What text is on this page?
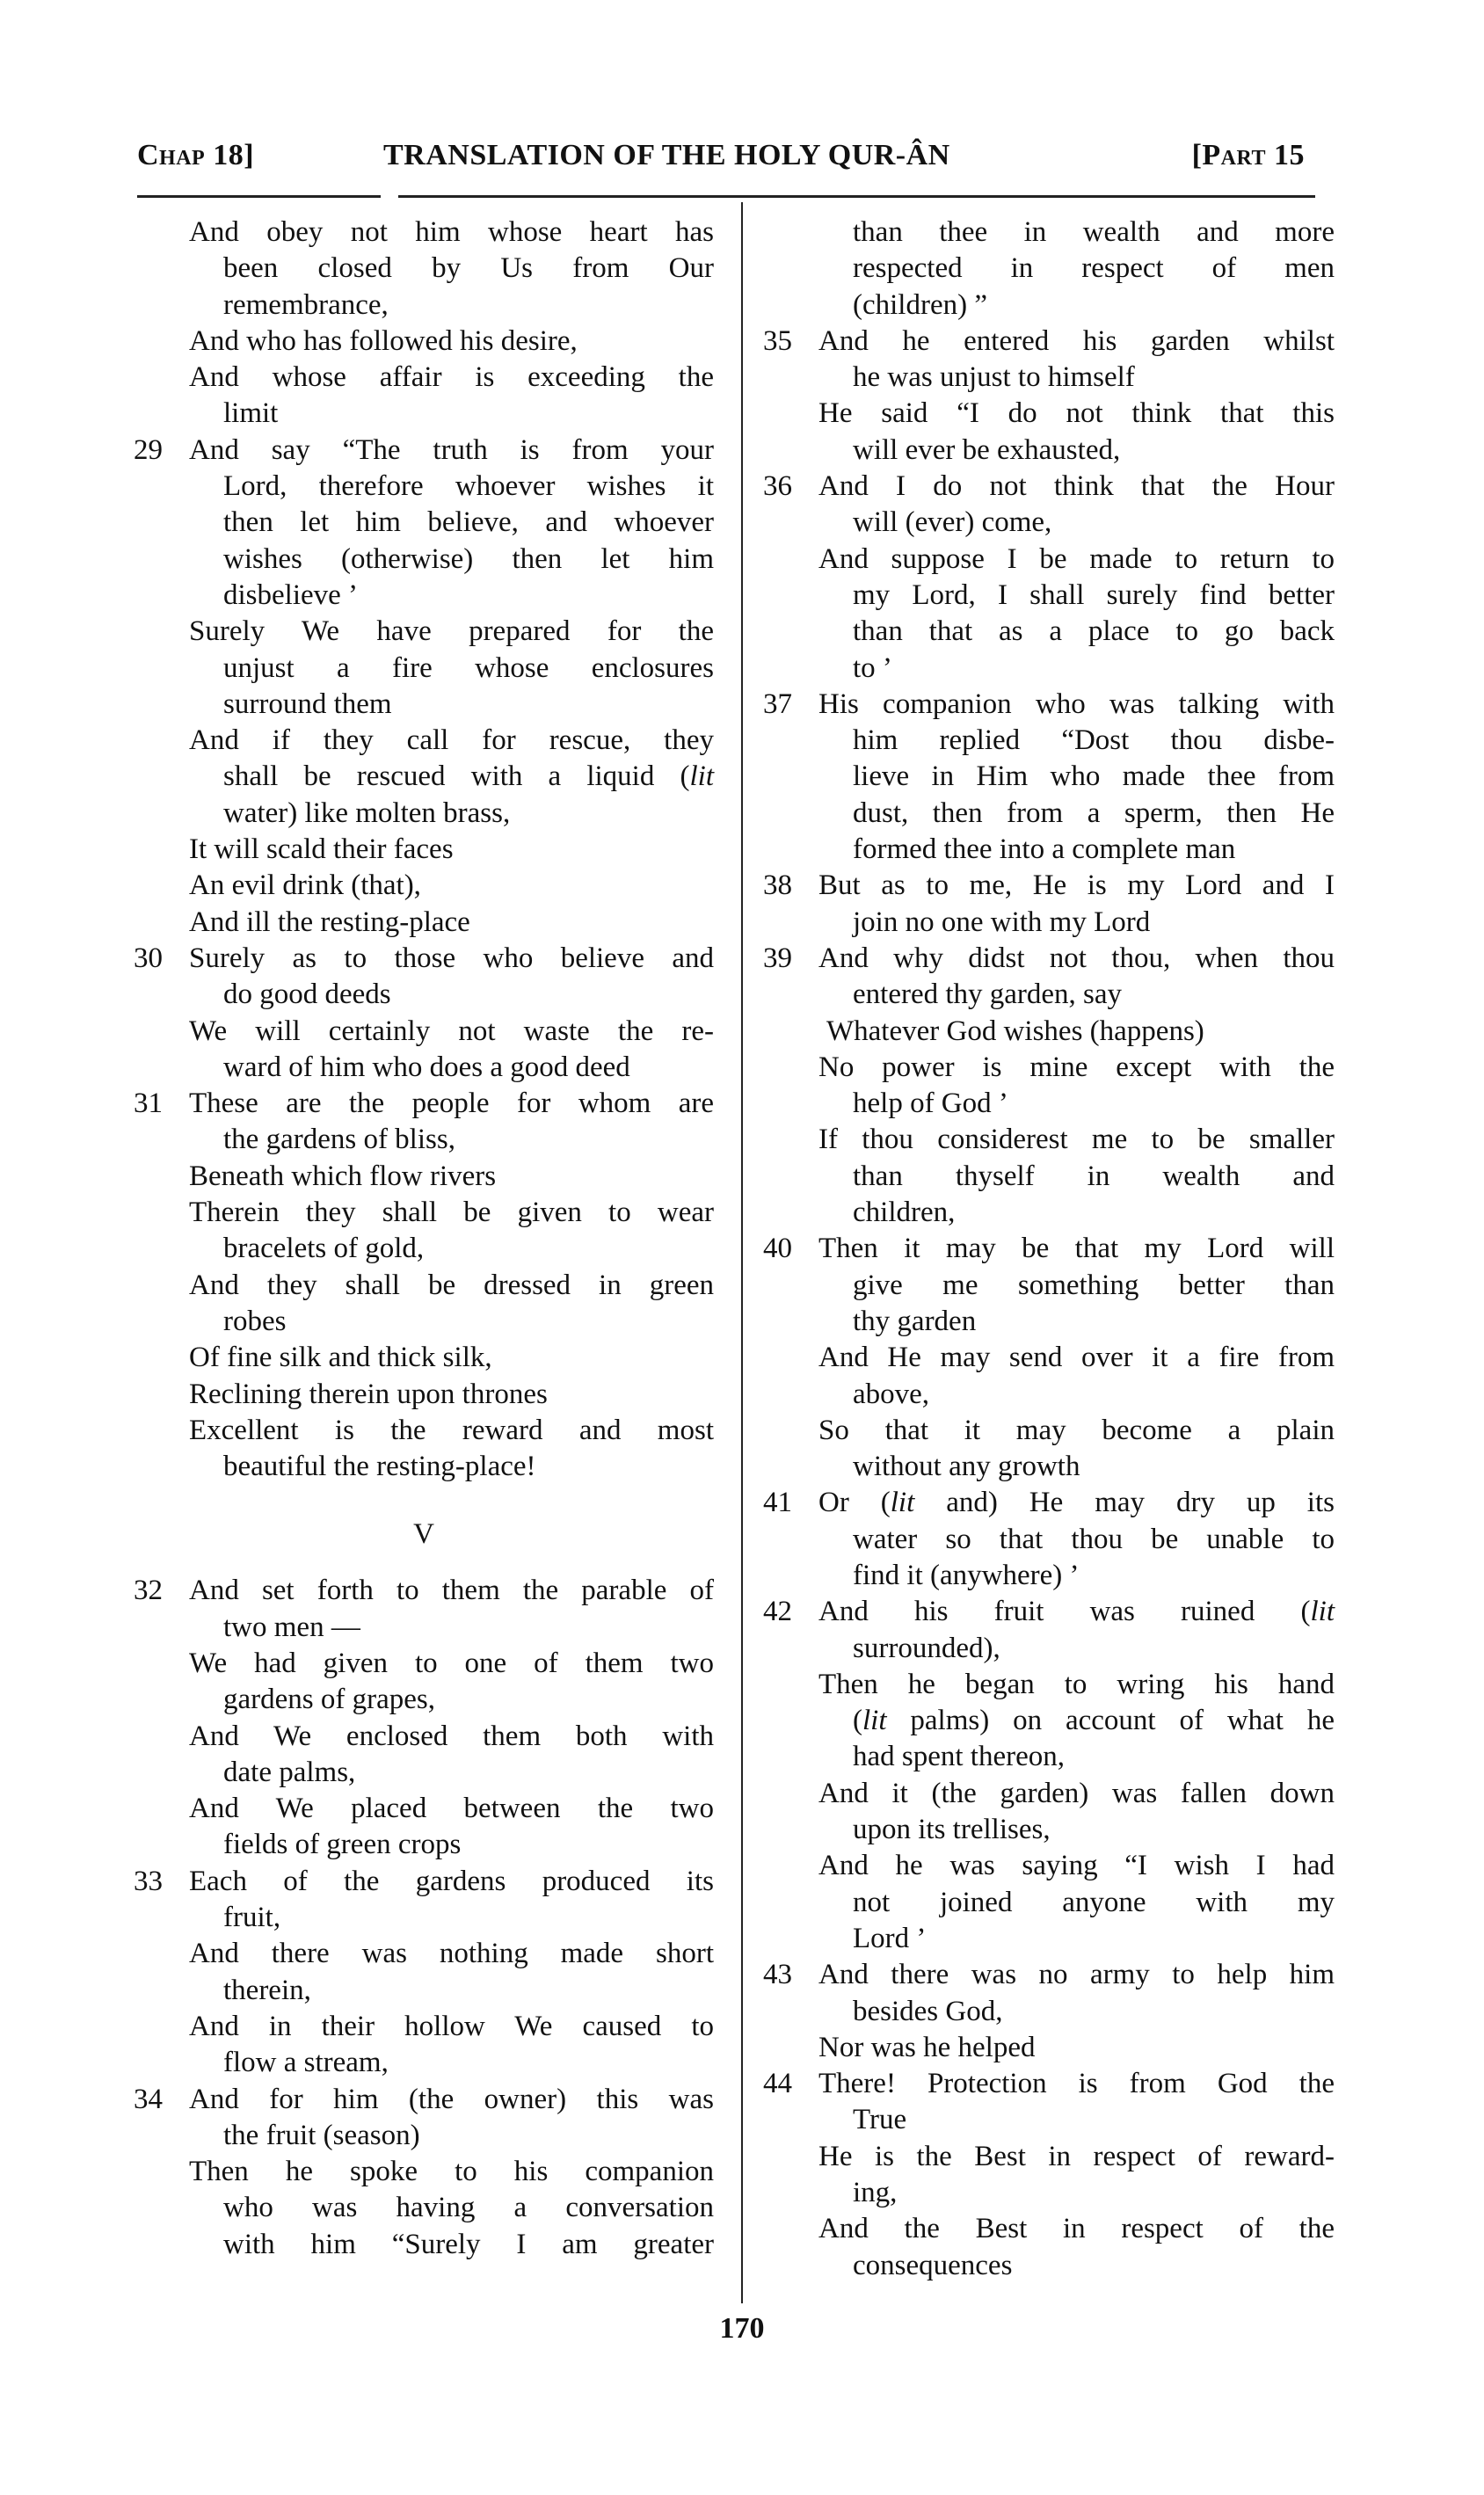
Chap 18]	TRANSLATION OF THE HOLY QUR-ÂN	[Part 15
And obey not him whose heart has
been closed by Us from Our
remembrance,
And who has followed his desire,
And whose affair is exceeding the
limit
29 And say “The truth is from your
Lord, therefore whoever wishes it
then let him believe, and whoever
wishes (otherwise) then let him
disbelieve ’
Surely We have prepared for the
unjust a fire whose enclosures
surround them
And if they call for rescue, they
shall be rescued with a liquid (lit
water) like molten brass,
It will scald their faces
An evil drink (that),
And ill the resting-place
30 Surely as to those who believe and
do good deeds
We will certainly not waste the re-
ward of him who does a good deed
31 These are the people for whom are
the gardens of bliss,
Beneath which flow rivers
Therein they shall be given to wear
bracelets of gold,
And they shall be dressed in green
robes
Of fine silk and thick silk,
Reclining therein upon thrones
Excellent is the reward and most
beautiful the resting-place!
V
32 And set forth to them the parable of
two men —
We had given to one of them two
gardens of grapes,
And We enclosed them both with
date palms,
And We placed between the two
fields of green crops
33 Each of the gardens produced its
fruit,
And there was nothing made short
therein,
And in their hollow We caused to
flow a stream,
34 And for him (the owner) this was
the fruit (season)
Then he spoke to his companion
who was having a conversation
with him “Surely I am greater
than thee in wealth and more
respected in respect of men
(children) ”
35 And he entered his garden whilst
he was unjust to himself
He said “I do not think that this
will ever be exhausted,
36 And I do not think that the Hour
will (ever) come,
And suppose I be made to return to
my Lord, I shall surely find better
than that as a place to go back
to ’
37 His companion who was talking with
him replied “Dost thou disbe-
lieve in Him who made thee from
dust, then from a sperm, then He
formed thee into a complete man
38 But as to me, He is my Lord and I
join no one with my Lord
39 And why didst not thou, when thou
entered thy garden, say
Whatever God wishes (happens)
No power is mine except with the
help of God ’
If thou considerest me to be smaller
than thyself in wealth and
children,
40 Then it may be that my Lord will
give me something better than
thy garden
And He may send over it a fire from
above,
So that it may become a plain
without any growth
41 Or (lit and) He may dry up its
water so that thou be unable to
find it (anywhere) ’
42 And his fruit was ruined (lit
surrounded),
Then he began to wring his hand
(lit palms) on account of what he
had spent thereon,
And it (the garden) was fallen down
upon its trellises,
And he was saying “I wish I had
not joined anyone with my
Lord ’
43 And there was no army to help him
besides God,
Nor was he helped
44 There! Protection is from God the
True
He is the Best in respect of reward-
ing,
And the Best in respect of the
consequences
170
